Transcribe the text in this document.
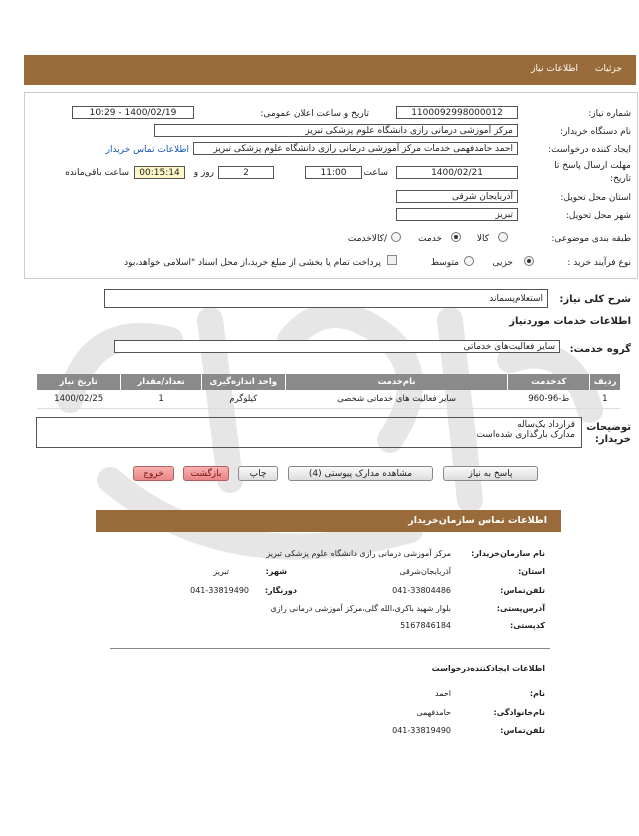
جزئیات
اطلاعات نیاز
شماره نیاز:
1100092998000012
تاریخ و ساعت اعلان عمومی:
1400/02/19 - 10:29
نام دستگاه خریدار:
مرکز آموزشی درمانی رازی دانشگاه علوم پزشکی تبریز
ایجاد کننده درخواست:
احمد حامدفهمی خدمات مرکز آموزشی درمانی رازی دانشگاه علوم پزشکی تبریز
اطلاعات تماس خریدار
مهلت ارسال پاسخ تا تاریخ:
1400/02/21
ساعت
11:00
2
روز و
00:15:14
ساعت باقی‌مانده
استان محل تحویل:
آذربایجان شرقی
شهر محل تحویل:
تبریز
طبقه بندی موضوعی:
کالا
خدمت
/کالاخدمت
نوع فرآیند خرید :
جزیی
متوسط
پرداخت تمام یا بخشی از مبلغ خرید،از محل اسناد "اسلامی خواهد،بود
شرح کلی نیاز:
استعلام‌پسماند
اطلاعات خدمات مورد‌نیاز
گروه خدمت:
سایر فعالیت‌های خدماتی
ردیف	کدخدمت	نام‌خدمت	واحد اندازه‌گیری	تعداد/مقدار	تاریخ نیاز
1	ط-96-960	سایر فعالیت های خدماتی شخصی	کیلوگرم	1	1400/02/25
توضیحات خریدار:
قرارداد یک‌ساله
مدارک بارگذاری شده‌است
پاسخ به نیاز
مشاهده مدارک پیوستی (4)
چاپ
بازگشت
خروج
اطلاعات تماس سازمان‌خریدار
نام سازمان‌خریدار:
مرکز آموزشی درمانی رازی دانشگاه علوم پزشکی تبریز
استان:
آذربایجان‌شرقی
شهر:
تبریز
تلفن‌تماس:
041-33804486
دورنگار:
041-33819490
آدرس‌پستی:
بلوار شهید باکری،الله گلی،مرکز آموزشی درمانی رازی
کدپستی:
5167846184
اطلاعات ایجادکننده‌درخواست
نام:
احمد
نام‌خانوادگی:
حامدفهمی
تلفن‌تماس:
041-33819490
